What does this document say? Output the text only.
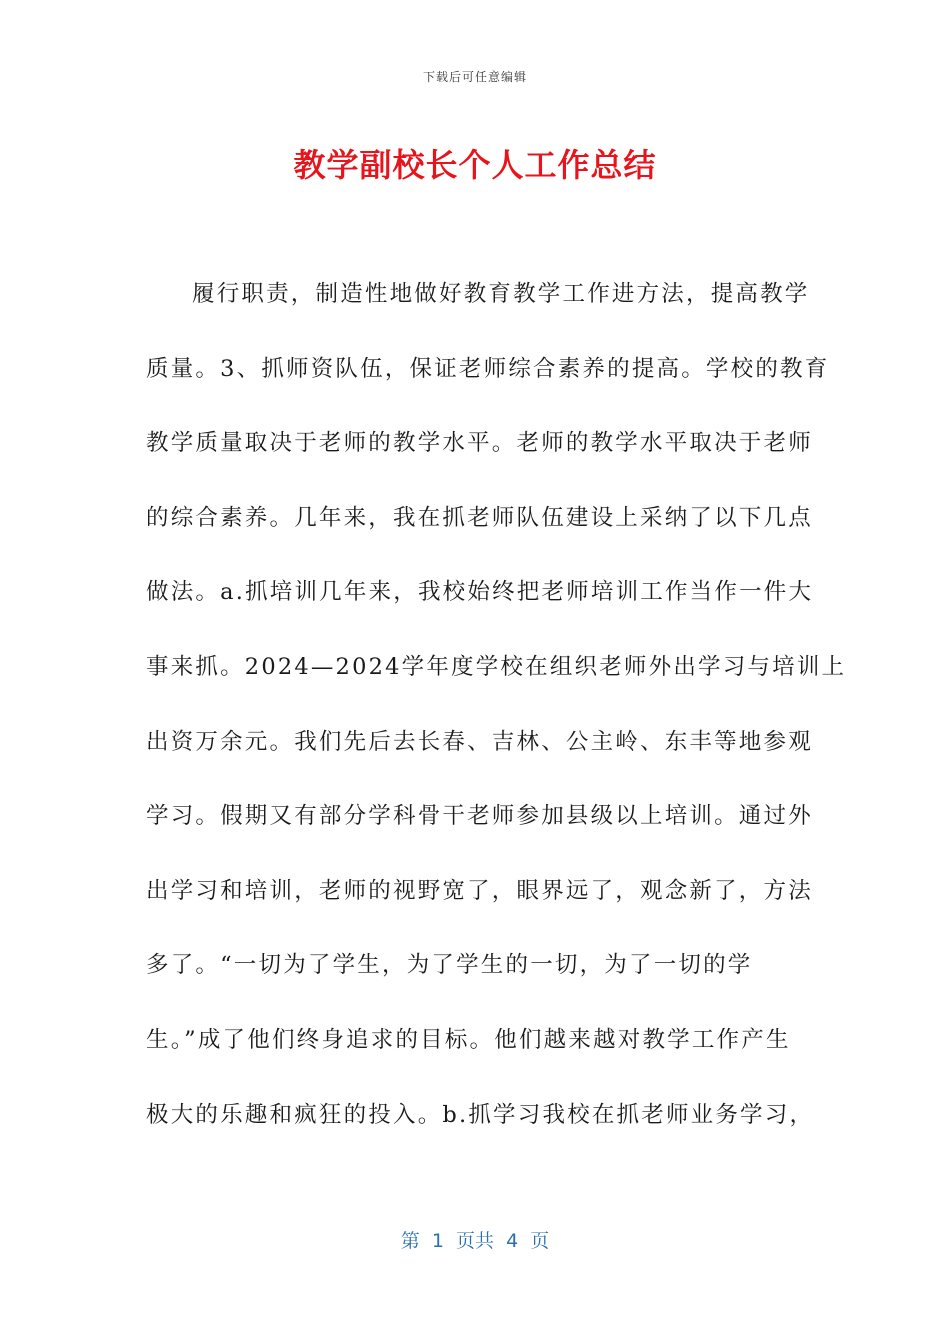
下载后可任意编辑
教学副校长个人工作总结
履行职责，制造性地做好教育教学工作进方法，提高教学
质量。3、抓师资队伍，保证老师综合素养的提高。学校的教育
教学质量取决于老师的教学水平。老师的教学水平取决于老师
的综合素养。几年来，我在抓老师队伍建设上采纳了以下几点
做法。a.抓培训几年来，我校始终把老师培训工作当作一件大
事来抓。2024—2024学年度学校在组织老师外出学习与培训上
出资万余元。我们先后去长春、吉林、公主岭、东丰等地参观
学习。假期又有部分学科骨干老师参加县级以上培训。通过外
出学习和培训，老师的视野宽了，眼界远了，观念新了，方法
多了。“一切为了学生，为了学生的一切，为了一切的学
生。”成了他们终身追求的目标。他们越来越对教学工作产生
极大的乐趣和疯狂的投入。b.抓学习我校在抓老师业务学习，
第  1  页共  4  页
